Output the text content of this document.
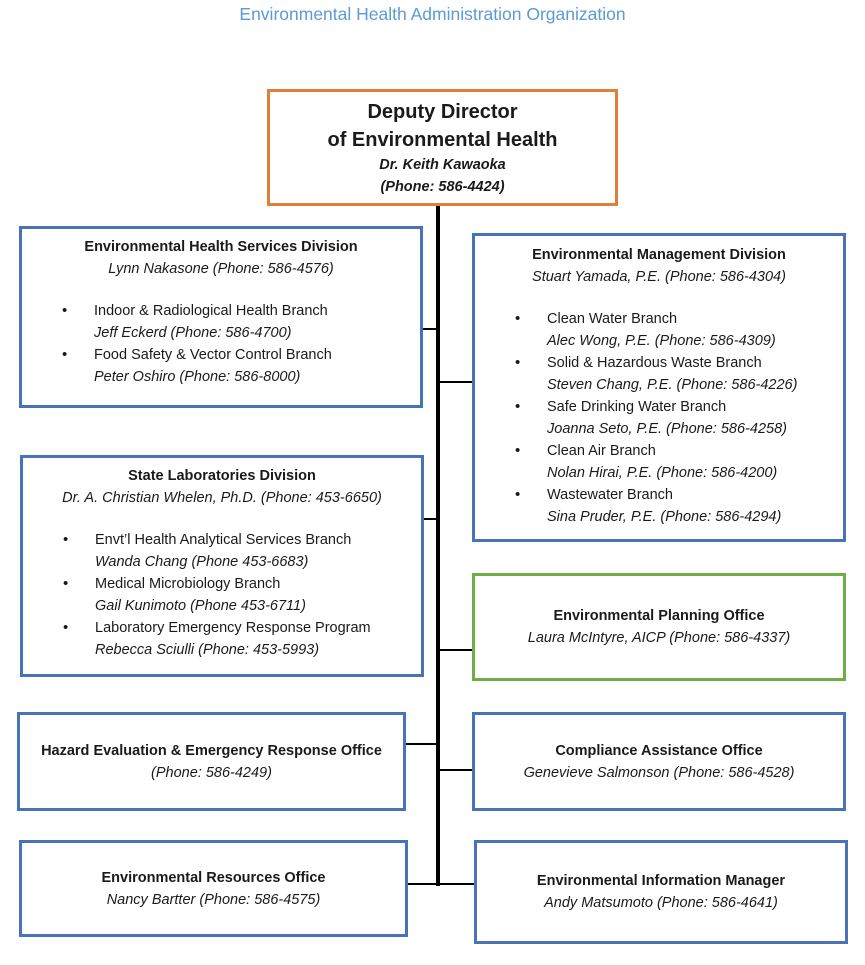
Environmental Health Administration Organization
Deputy Director
of Environmental Health
Dr. Keith Kawaoka
(Phone: 586-4424)
Environmental Health Services Division
Lynn Nakasone (Phone: 586-4576)
• Indoor & Radiological Health Branch
Jeff Eckerd (Phone: 586-4700)
• Food Safety & Vector Control Branch
Peter Oshiro (Phone: 586-8000)
Environmental Management Division
Stuart Yamada, P.E. (Phone: 586-4304)
• Clean Water Branch
Alec Wong, P.E. (Phone: 586-4309)
• Solid & Hazardous Waste Branch
Steven Chang, P.E. (Phone: 586-4226)
• Safe Drinking Water Branch
Joanna Seto, P.E. (Phone: 586-4258)
• Clean Air Branch
Nolan Hirai, P.E. (Phone: 586-4200)
• Wastewater Branch
Sina Pruder, P.E. (Phone: 586-4294)
State Laboratories Division
Dr. A. Christian Whelen, Ph.D. (Phone: 453-6650)
• Envt’l Health Analytical Services Branch
Wanda Chang (Phone 453-6683)
• Medical Microbiology Branch
Gail Kunimoto (Phone 453-6711)
• Laboratory Emergency Response Program
Rebecca Sciulli (Phone: 453-5993)
Environmental Planning Office
Laura McIntyre, AICP (Phone: 586-4337)
Hazard Evaluation & Emergency Response Office
(Phone: 586-4249)
Compliance Assistance Office
Genevieve Salmonson (Phone: 586-4528)
Environmental Resources Office
Nancy Bartter (Phone: 586-4575)
Environmental Information Manager
Andy Matsumoto (Phone: 586-4641)
